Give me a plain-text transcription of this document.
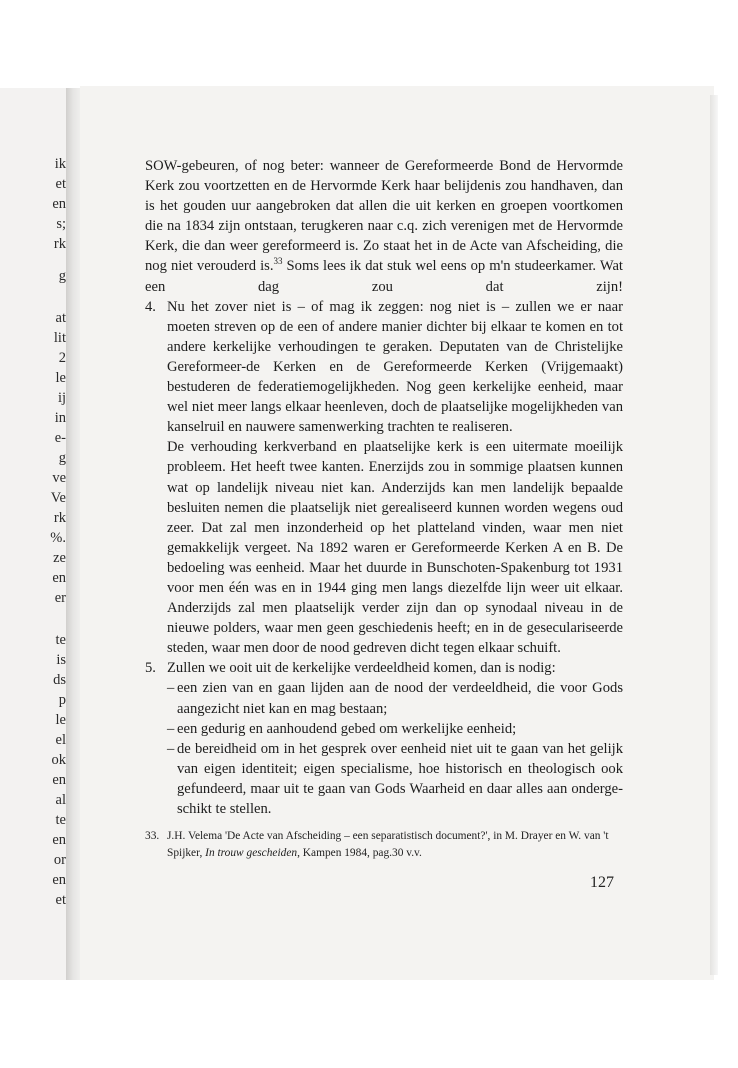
ik
et
en
s;
rk
g
at
lit
2
le
ij
in
e-
g
ve
Ve
rk
%.
ze
en
er
te
is
ds
p
le
el
ok
en
al
te
en
or
en
et
SOW-gebeuren, of nog beter: wanneer de Gereformeerde Bond de Hervormde Kerk zou voortzetten en de Hervormde Kerk haar belijdenis zou handhaven, dan is het gouden uur aangebroken dat allen die uit kerken en groepen voortkomen die na 1834 zijn ontstaan, terugkeren naar c.q. zich verenigen met de Hervormde Kerk, die dan weer gereformeerd is. Zo staat het in de Acte van Afscheiding, die nog niet verouderd is.$^{33}$ Soms lees ik dat stuk wel eens op m'n studeerkamer. Wat een dag zou dat zijn!
4. Nu het zover niet is – of mag ik zeggen: nog niet is – zullen we er naar moeten streven op de een of andere manier dichter bij elkaar te komen en tot andere kerkelijke verhoudingen te geraken. Deputaten van de Christelijke Gereformeer-de Kerken en de Gereformeerde Kerken (Vrijgemaakt) bestuderen de federatiemogelijkheden. Nog geen kerkelijke eenheid, maar wel niet meer langs elkaar heenleven, doch de plaatselijke mogelijkheden van kanselruil en nauwere samenwerking trachten te realiseren.
De verhouding kerkverband en plaatselijke kerk is een uitermate moeilijk probleem. Het heeft twee kanten. Enerzijds zou in sommige plaatsen kunnen wat op landelijk niveau niet kan. Anderzijds kan men landelijk bepaalde besluiten nemen die plaatselijk niet gerealiseerd kunnen worden wegens oud zeer. Dat zal men inzonderheid op het platteland vinden, waar men niet gemakkelijk vergeet. Na 1892 waren er Gereformeerde Kerken A en B. De bedoeling was eenheid. Maar het duurde in Bunschoten-Spakenburg tot 1931 voor men één was en in 1944 ging men langs diezelfde lijn weer uit elkaar. Anderzijds zal men plaatselijk verder zijn dan op synodaal niveau in de nieuwe polders, waar men geen geschiedenis heeft; en in de geseculariseerde steden, waar men door de nood gedreven dicht tegen elkaar schuift.
5. Zullen we ooit uit de kerkelijke verdeeldheid komen, dan is nodig:
– een zien van en gaan lijden aan de nood der verdeeldheid, die voor Gods aangezicht niet kan en mag bestaan;
– een gedurig en aanhoudend gebed om werkelijke eenheid;
– de bereidheid om in het gesprek over eenheid niet uit te gaan van het gelijk van eigen identiteit; eigen specialisme, hoe historisch en theologisch ook gefundeerd, maar uit te gaan van Gods Waarheid en daar alles aan onderge-schikt te stellen.
33. J.H. Velema 'De Acte van Afscheiding – een separatistisch document?', in M. Drayer en W. van 't Spijker, In trouw gescheiden, Kampen 1984, pag.30 v.v.
127
